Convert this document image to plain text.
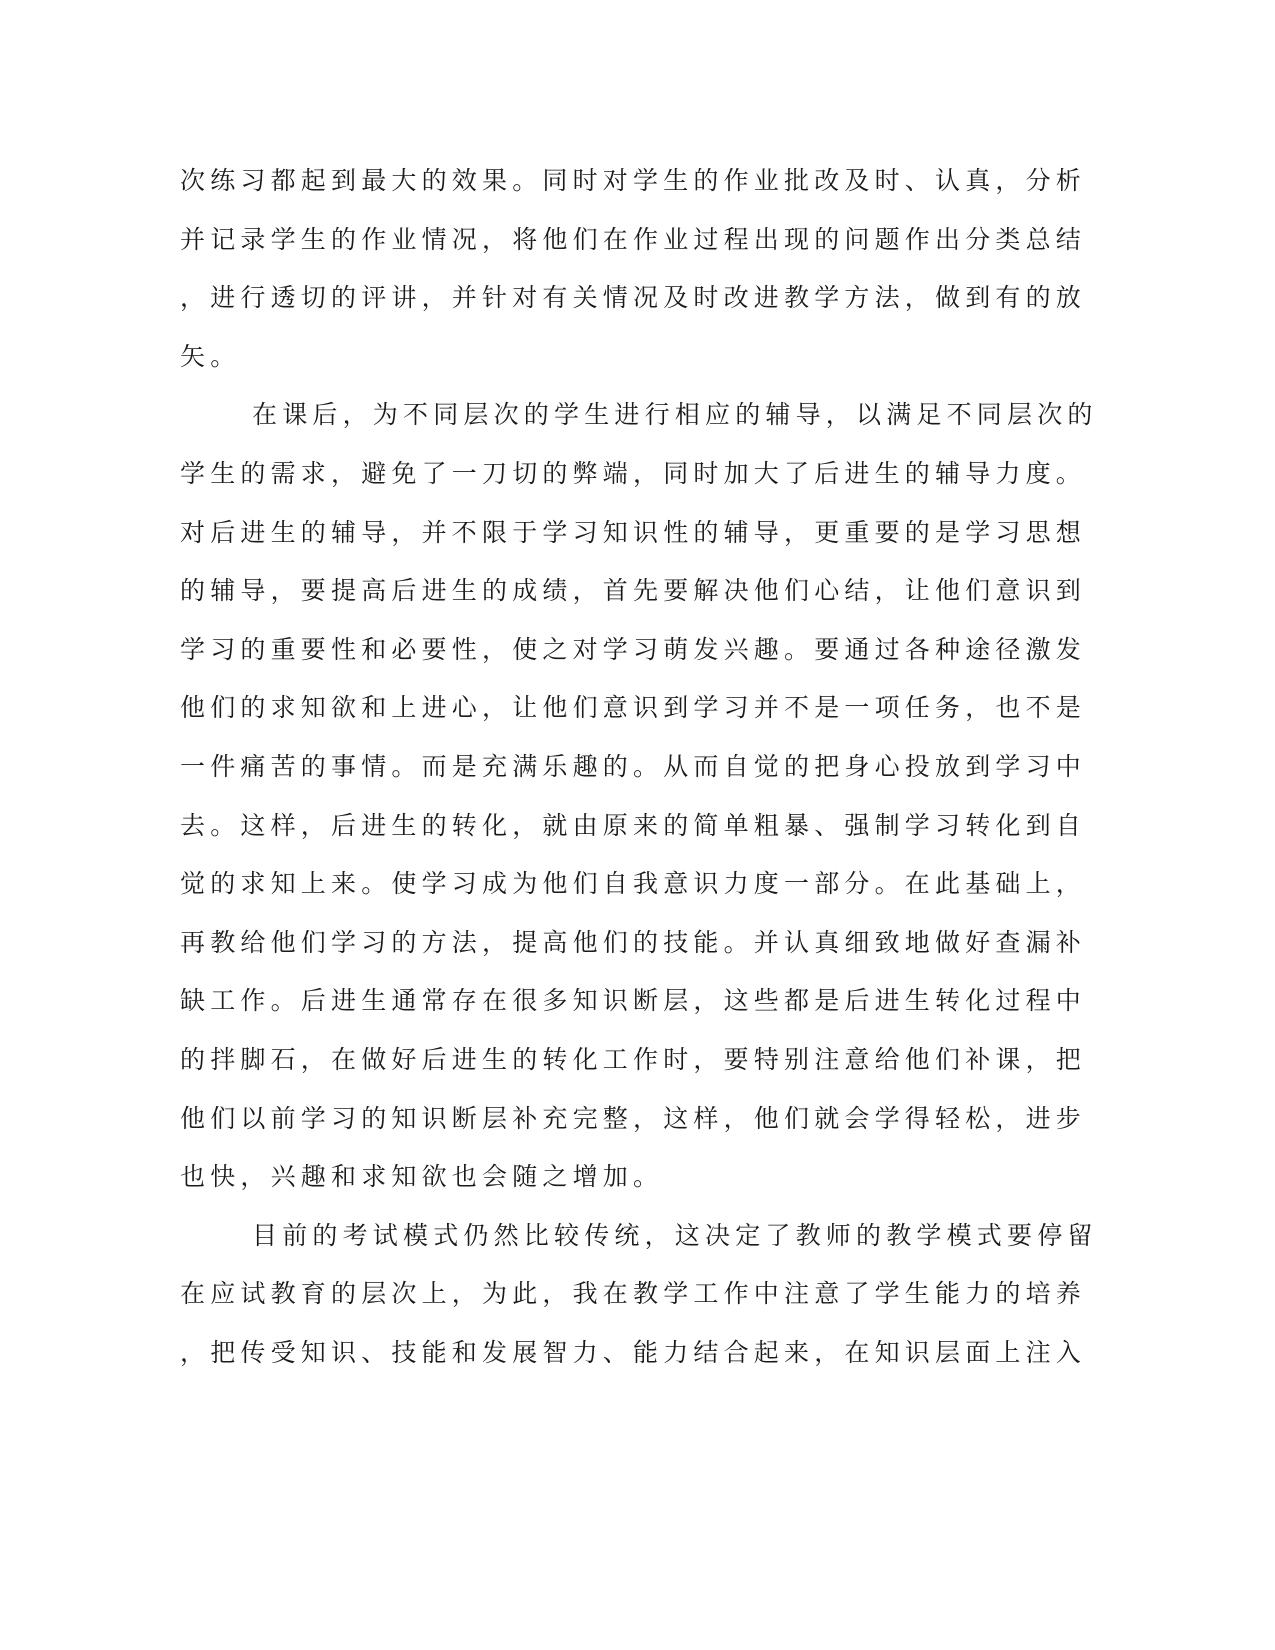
次练习都起到最大的效果。同时对学生的作业批改及时、认真，分析
并记录学生的作业情况，将他们在作业过程出现的问题作出分类总结
，进行透切的评讲，并针对有关情况及时改进教学方法，做到有的放
矢。
在课后，为不同层次的学生进行相应的辅导，以满足不同层次的
学生的需求，避免了一刀切的弊端，同时加大了后进生的辅导力度。
对后进生的辅导，并不限于学习知识性的辅导，更重要的是学习思想
的辅导，要提高后进生的成绩，首先要解决他们心结，让他们意识到
学习的重要性和必要性，使之对学习萌发兴趣。要通过各种途径激发
他们的求知欲和上进心，让他们意识到学习并不是一项任务，也不是
一件痛苦的事情。而是充满乐趣的。从而自觉的把身心投放到学习中
去。这样，后进生的转化，就由原来的简单粗暴、强制学习转化到自
觉的求知上来。使学习成为他们自我意识力度一部分。在此基础上，
再教给他们学习的方法，提高他们的技能。并认真细致地做好查漏补
缺工作。后进生通常存在很多知识断层，这些都是后进生转化过程中
的拌脚石，在做好后进生的转化工作时，要特别注意给他们补课，把
他们以前学习的知识断层补充完整，这样，他们就会学得轻松，进步
也快，兴趣和求知欲也会随之增加。
目前的考试模式仍然比较传统，这决定了教师的教学模式要停留
在应试教育的层次上，为此，我在教学工作中注意了学生能力的培养
，把传受知识、技能和发展智力、能力结合起来，在知识层面上注入
